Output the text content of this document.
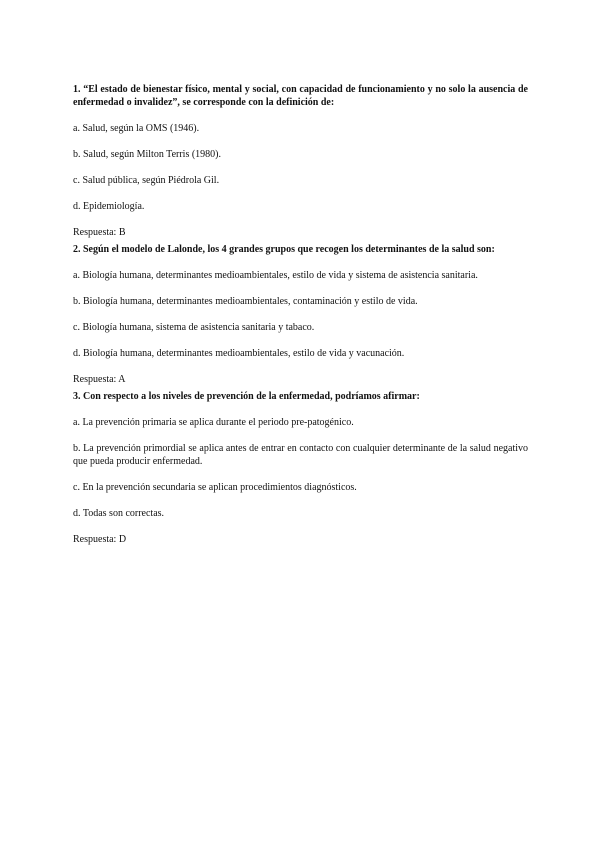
1. “El estado de bienestar físico, mental y social, con capacidad de funcionamiento y no solo la ausencia de enfermedad o invalidez”, se corresponde con la definición de:

a. Salud, según la OMS (1946).

b. Salud, según Milton Terris (1980).

c. Salud pública, según Piédrola Gil.

d. Epidemiología.

Respuesta: B

2. Según el modelo de Lalonde, los 4 grandes grupos que recogen los determinantes de la salud son:

a. Biología humana, determinantes medioambientales, estilo de vida y sistema de asistencia sanitaria.

b. Biología humana, determinantes medioambientales, contaminación y estilo de vida.

c. Biología humana, sistema de asistencia sanitaria y tabaco.

d. Biología humana, determinantes medioambientales, estilo de vida y vacunación.

Respuesta: A

3. Con respecto a los niveles de prevención de la enfermedad, podríamos afirmar:

a. La prevención primaria se aplica durante el periodo pre-patogénico.

b. La prevención primordial se aplica antes de entrar en contacto con cualquier determinante de la salud negativo que pueda producir enfermedad.

c. En la prevención secundaria se aplican procedimientos diagnósticos.

d. Todas son correctas.

Respuesta: D
